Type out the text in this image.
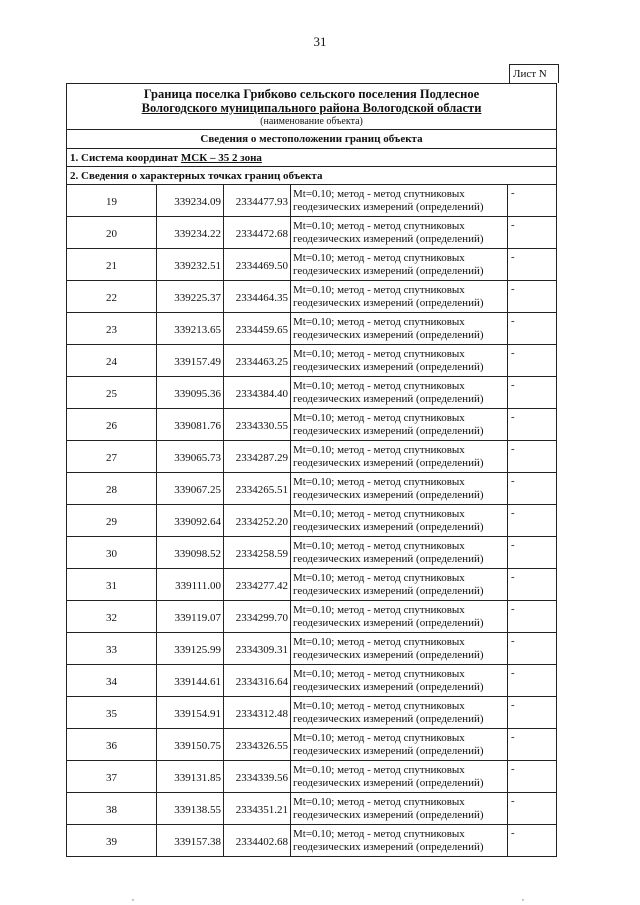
31
Лист N
Граница поселка Грибково сельского поселения Подлесное
Вологодского муниципального района Вологодской области
(наименование объекта)				

Сведения о местоположении границ объекта				
1. Система координат МСК – 35 2 зона				
2. Сведения о характерных точках границ объекта				
19	339234.09	2334477.93	Mt=0.10; метод - метод спутниковых
геодезических измерений (определений)	-
20	339234.22	2334472.68	Mt=0.10; метод - метод спутниковых
геодезических измерений (определений)	-
21	339232.51	2334469.50	Mt=0.10; метод - метод спутниковых
геодезических измерений (определений)	-
22	339225.37	2334464.35	Mt=0.10; метод - метод спутниковых
геодезических измерений (определений)	-
23	339213.65	2334459.65	Mt=0.10; метод - метод спутниковых
геодезических измерений (определений)	-
24	339157.49	2334463.25	Mt=0.10; метод - метод спутниковых
геодезических измерений (определений)	-
25	339095.36	2334384.40	Mt=0.10; метод - метод спутниковых
геодезических измерений (определений)	-
26	339081.76	2334330.55	Mt=0.10; метод - метод спутниковых
геодезических измерений (определений)	-
27	339065.73	2334287.29	Mt=0.10; метод - метод спутниковых
геодезических измерений (определений)	-
28	339067.25	2334265.51	Mt=0.10; метод - метод спутниковых
геодезических измерений (определений)	-
29	339092.64	2334252.20	Mt=0.10; метод - метод спутниковых
геодезических измерений (определений)	-
30	339098.52	2334258.59	Mt=0.10; метод - метод спутниковых
геодезических измерений (определений)	-
31	339111.00	2334277.42	Mt=0.10; метод - метод спутниковых
геодезических измерений (определений)	-
32	339119.07	2334299.70	Mt=0.10; метод - метод спутниковых
геодезических измерений (определений)	-
33	339125.99	2334309.31	Mt=0.10; метод - метод спутниковых
геодезических измерений (определений)	-
34	339144.61	2334316.64	Mt=0.10; метод - метод спутниковых
геодезических измерений (определений)	-
35	339154.91	2334312.48	Mt=0.10; метод - метод спутниковых
геодезических измерений (определений)	-
36	339150.75	2334326.55	Mt=0.10; метод - метод спутниковых
геодезических измерений (определений)	-
37	339131.85	2334339.56	Mt=0.10; метод - метод спутниковых
геодезических измерений (определений)	-
38	339138.55	2334351.21	Mt=0.10; метод - метод спутниковых
геодезических измерений (определений)	-
39	339157.38	2334402.68	Mt=0.10; метод - метод спутниковых
геодезических измерений (определений)	-
,	,
